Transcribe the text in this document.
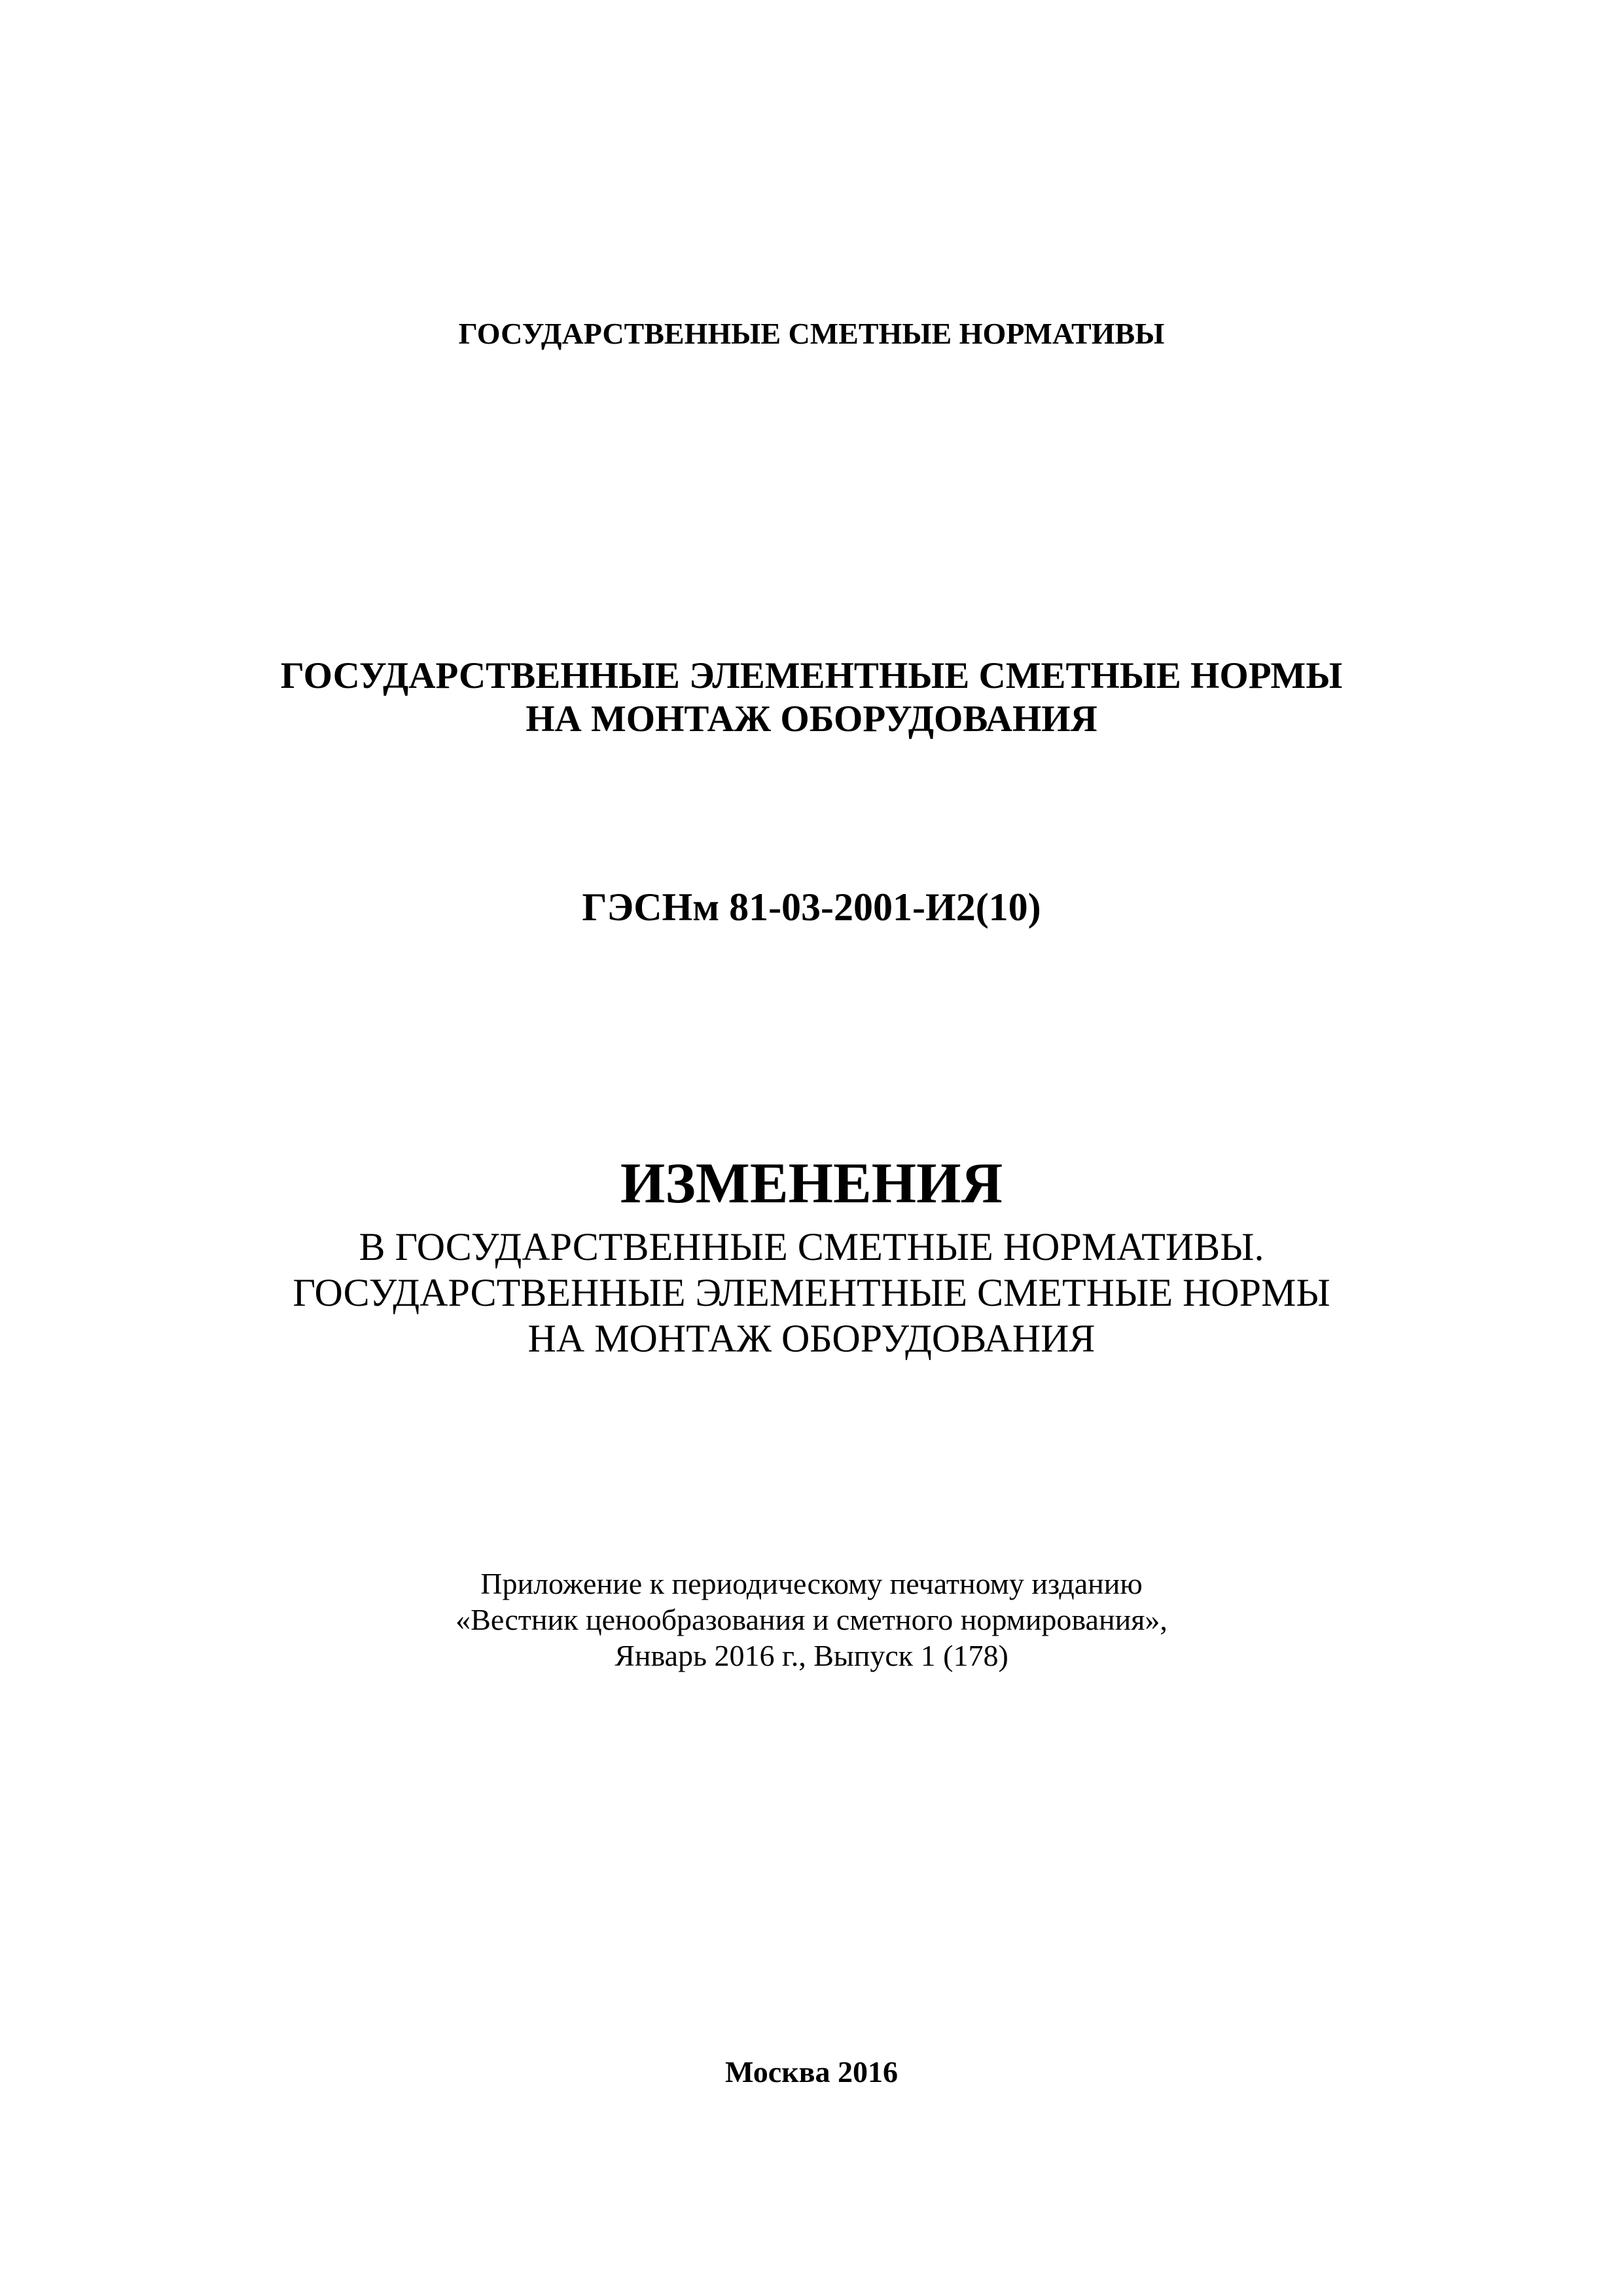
ГОСУДАРСТВЕННЫЕ СМЕТНЫЕ НОРМАТИВЫ
ГОСУДАРСТВЕННЫЕ ЭЛЕМЕНТНЫЕ СМЕТНЫЕ НОРМЫ
НА МОНТАЖ ОБОРУДОВАНИЯ
ГЭСНм 81-03-2001-И2(10)
ИЗМЕНЕНИЯ
В ГОСУДАРСТВЕННЫЕ СМЕТНЫЕ НОРМАТИВЫ.
ГОСУДАРСТВЕННЫЕ ЭЛЕМЕНТНЫЕ СМЕТНЫЕ НОРМЫ
НА МОНТАЖ ОБОРУДОВАНИЯ
Приложение к периодическому печатному изданию
«Вестник ценообразования и сметного нормирования»,
Январь 2016 г., Выпуск 1 (178)
Москва 2016
